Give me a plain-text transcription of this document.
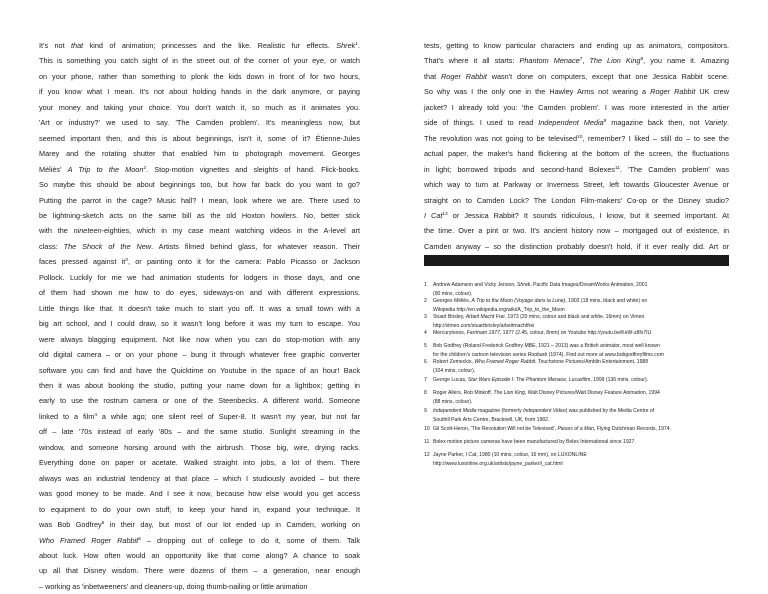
It's not that kind of animation; princesses and the like. Realistic fur effects. Shrek$^1$.

This is something you catch sight of in the street out of the corner of your eye, or watch

on your phone, rather than something to plonk the kids down in front of for two hours,

if you know what I mean. It's not about holding hands in the dark anymore, or paying

your money and taking your choice. You don't watch it, so much as it animates you.

'Art or industry?' we used to say. 'The Camden problem'. It's meaningless now, but

seemed important then, and this is about beginnings, isn't it, some of it? Étienne-Jules

Marey and the rotating shutter that enabled him to photograph movement. Georges

Méliès' A Trip to the Moon$^2$. Stop-motion vignettes and sleights of hand. Flick-books.

So maybe this should be about beginnings too, but how far back do you want to go?

Putting the parrot in the cage? Music hall? I mean, look where we are. There used to

be lightning-sketch acts on the same bill as the old Hoxton howlers. No, better stick

with the nineteen-eighties, which in my case meant watching videos in the A-level art

class: The Shock of the New. Artists filmed behind glass, for whatever reason. Their

faces pressed against $it^3$, or painting onto it for the camera: Pablo Picasso or Jackson

Pollock. Luckily for me we had animation students for lodgers in those days, and one

of them had shown me how to do eyes, sideways-on and with different expressions.

Little things like that. It doesn't take much to start you off. It was a small town with a

big art school, and I could draw, so it wasn't long before it was my turn to escape. You

were always blagging equipment. Not like now when you can do stop-motion with any

old digital camera – or on your phone – bung it through whatever free graphic converter

software you can find and have the Quicktime on Youtube in the space of an hour! Back

then it was about booking the studio, putting your name down for a lightbox; getting in

early to use the rostrum camera or one of the Steenbecks. A different world. Someone

linked to a film$^4$ a while ago; one silent reel of Super-8. It wasn't my year, but not far

off – late '70s instead of early '80s – and the same studio. Sunlight streaming in the

window, and someone horsing around with the airbrush. Those big, wire, drying racks.

Everything done on paper or acetate. Walked straight into jobs, a lot of them. There

always was an industrial tendency at that place – which I studiously avoided – but there

was good money to be made. And I see it now, because how else would you get access

to equipment to do your own stuff, to keep your hand in, expand your technique. It

was Bob Godfrey$^5$ in their day, but most of our lot ended up in Camden, working on

Who Framed Roger Rabbit$^6$ – dropping out of college to do it, some of them. Talk

about luck. How often would an opportunity like that come along? A chance to soak

up all that Disney wisdom. There were dozens of them – a generation, near enough

– working as 'inbetweeners' and cleaners-up, doing thumb-nailing or little animation

tests, getting to know particular characters and ending up as animators, compositors.

That's where it all starts: Phantom Menace$^7$, The Lion King$^8$, you name it. Amazing

that Roger Rabbit wasn't done on computers, except that one Jessica Rabbit scene.

So why was I the only one in the Hawley Arms not wearing a Roger Rabbit UK crew

jacket? I already told you: 'the Camden problem'. I was more interested in the artier

side of things. I used to read Independent Media$^9$ magazine back then, not Variety.

The revolution was not going to be televised$^{10}$, remember? I liked – still do – to see the

actual paper, the maker's hand flickering at the bottom of the screen, the fluctuations

in light; borrowed tripods and second-hand Bolexes$^{11}$. 'The Camden problem' was

which way to turn at Parkway or Inverness Street, left towards Gloucester Avenue or

straight on to Camden Lock? The London Film-makers' Co-op or the Disney studio?

I Cat$^{12}$ or Jessica Rabbit? It sounds ridiculous, I know, but it seemed important. At

the time. Over a pint or two. It's ancient history now – mortgaged out of existence, in

Camden anyway – so the distinction probably doesn't hold, if it ever really did. Art or

1	Andrew Adamson and Vicky Jenson, Shrek, Pacific Data Images/DreamWorks Animation, 2001
(90 mins, colour).
2	Georges Méliès, A Trip to the Moon (Voyage dans la Lune), 1902 (18 mins, black and white) on
Wikipedia http://en.wikipedia.org/wiki/A_Trip_to_the_Moon
3	Stuart Brisley, Arbeit Macht Frei, 1973 (20 mins, colour and black and white, 16mm) on Vimeo
http://vimeo.com/stuartbrisley/arbeitmachtfrei
4	Mercurytoons, Farnham 1977, 1977 (2.45, colour, 8mm) on Youtube http://youtu.be/KeW-z8fx7IU
5	Bob Godfrey (Roland Frederick Godfrey MBE, 1921 – 2013) was a British animator, most well known
for the children's cartoon television series Roobarb (1974). Find out more at www.bobgodfreyfilms.com
6	Robert Zemeckis, Who Framed Roger Rabbit, Touchstone Pictures/Amblin Entertainment, 1988
(104 mins, colour).
7	George Lucas, Star Wars Episode I: The Phantom Menace, Lucasfilm, 1999 (136 mins, colour).
8	Roger Allers, Rob Minkoff, The Lion King, Walt Disney Pictures/Walt Disney Feature Animation, 1994
(88 mins, colour).
9	Independent Media magazine (formerly Independent Video) was published by the Media Centre of
Southill Park Arts Centre, Bracknell, UK, from 1982.
10 Gil Scott-Heron, 'The Revolution Will not be Televised', Pieces of a Man, Flying Dutchman Records, 1974.
11 Bolex motion picture cameras have been manufactured by Bolex International since 1927.
12 Jayne Parker, I Cat, 1980 (10 mins, colour, 16 mm), on LUXONLINE
http://www.luxonline.org.uk/artists/jayne_parker/i_cat.html
